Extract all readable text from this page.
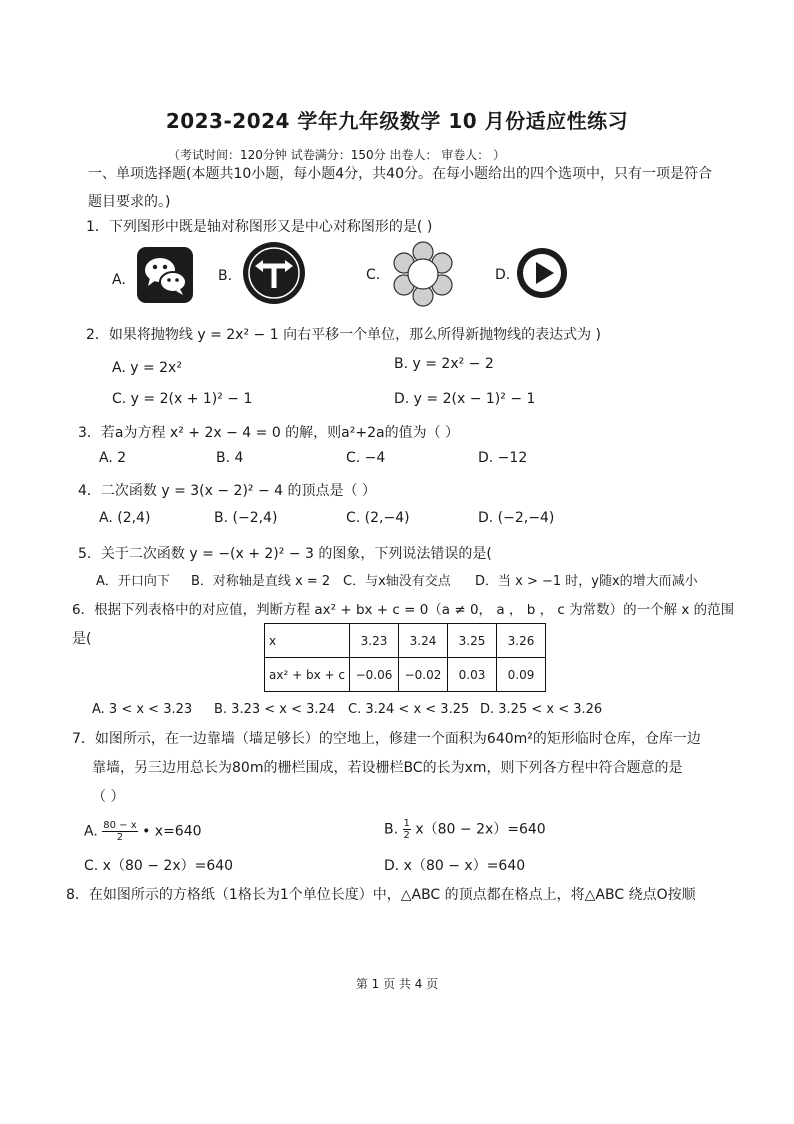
2023-2024 学年九年级数学 10 月份适应性练习
（考试时间：120分钟 试卷满分：150分 出卷人： 审卷人： ）
一、单项选择题(本题共10小题，每小题4分，共40分。在每小题给出的四个选项中，只有一项是符合
题目要求的。)
1．下列图形中既是轴对称图形又是中心对称图形的是( )
A.	B.	C.	D.
2．如果将抛物线 y = 2x² − 1 向右平移一个单位，那么所得新抛物线的表达式为 )
A. y = 2x²	B. y = 2x² − 2
C. y = 2(x + 1)² − 1	D. y = 2(x − 1)² − 1
3．若a为方程 x² + 2x − 4 = 0 的解，则a²+2a的值为（ ）
A. 2	B. 4	C. −4	D. −12
4．二次函数 y = 3(x − 2)² − 4 的顶点是（ ）
A. (2,4)	B. (−2,4)	C. (2,−4)	D. (−2,−4)
5．关于二次函数 y = −(x + 2)² − 3 的图象，下列说法错误的是(
A．开口向下 B．对称轴是直线 x = 2 C．与x轴没有交点 D．当 x > −1 时，y随x的增大而减小
6．根据下列表格中的对应值，判断方程 ax² + bx + c = 0（a ≠ 0， a ， b ， c 为常数）的一个解 x 的范围
是(	x	3.23	3.24	3.25	3.26
ax² + bx + c	−0.06	−0.02	0.03	0.09
A. 3 < x < 3.23 B. 3.23 < x < 3.24 C. 3.24 < x < 3.25 D. 3.25 < x < 3.26
7．如图所示，在一边靠墙（墙足够长）的空地上，修建一个面积为640m²的矩形临时仓库，仓库一边
靠墙，另三边用总长为80m的栅栏围成，若设栅栏BC的长为xm，则下列各方程中符合题意的是
（ ）
A. $\frac{80 - x}{2}$ • x=640	B. $\frac{1}{2} x(80 - 2x)=640$
C. x（80 − 2x）=640	D. x（80 − x）=640
8．在如图所示的方格纸（1格长为1个单位长度）中，△ABC 的顶点都在格点上，将△ABC 绕点O按顺
第 1 页 共 4 页
